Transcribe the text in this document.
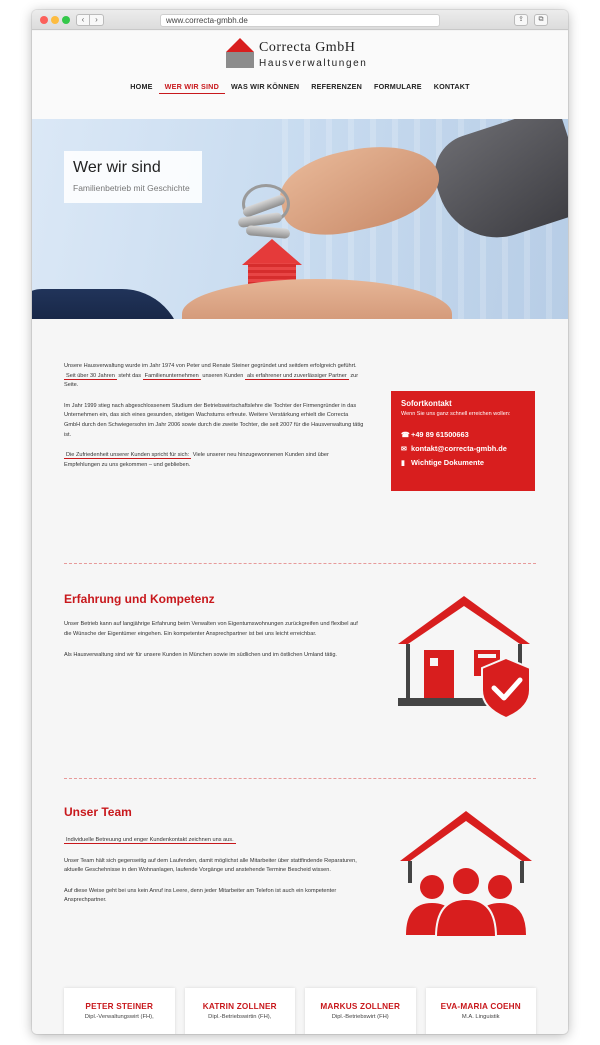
‹	›	www.correcta-gmbh.de	⇪	⧉
Correcta GmbH
Hausverwaltungen
HOME	WER WIR SIND	WAS WIR KÖNNEN	REFERENZEN	FORMULARE	KONTAKT
Wer wir sind
Familienbetrieb mit Geschichte

Unsere Hausverwaltung wurde im Jahr 1974 von Peter und Renate Steiner gegründet und seitdem erfolgreich geführt. Seit über 30 Jahren steht das Familienunternehmen unseren Kunden als erfahrener und zuverlässiger Partner zur Seite.

Im Jahr 1999 stieg nach abgeschlossenem Studium der Betriebswirtschaftslehre die Tochter der Firmengründer in das Unternehmen ein, das sich eines gesunden, stetigen Wachstums erfreute. Weitere Verstärkung erhielt die Correcta GmbH durch den Schwiegersohn im Jahr 2006 sowie durch die zweite Tochter, die seit 2007 für die Hausverwaltung tätig ist.

Die Zufriedenheit unserer Kunden spricht für sich: Viele unserer neu hinzugewonnenen Kunden sind über Empfehlungen zu uns gekommen – und geblieben.

Sofortkontakt
Wenn Sie uns ganz schnell erreichen wollen:
☎ +49 89 61500663
✉ kontakt@correcta-gmbh.de
▮ Wichtige Dokumente
Erfahrung und Kompetenz

Unser Betrieb kann auf langjährige Erfahrung beim Verwalten von Eigentumswohnungen zurückgreifen und flexibel auf die Wünsche der Eigentümer eingehen. Ein kompetenter Ansprechpartner ist bei uns leicht erreichbar.

Als Hausverwaltung sind wir für unsere Kunden in München sowie im südlichen und im östlichen Umland tätig.

Unser Team

Individuelle Betreuung und enger Kundenkontakt zeichnen uns aus.

Unser Team hält sich gegenseitig auf dem Laufenden, damit möglichst alle Mitarbeiter über stattfindende Reparaturen, aktuelle Geschehnisse in den Wohnanlagen, laufende Vorgänge und anstehende Termine Bescheid wissen.

Auf diese Weise geht bei uns kein Anruf ins Leere, denn jeder Mitarbeiter am Telefon ist auch ein kompetenter Ansprechpartner.

PETER STEINER
Dipl.-Verwaltungswirt (FH),
KATRIN ZOLLNER
Dipl.-Betriebswirtin (FH),
MARKUS ZOLLNER
Dipl.-Betriebswirt (FH)
EVA-MARIA COEHN
M.A. Linguistik
